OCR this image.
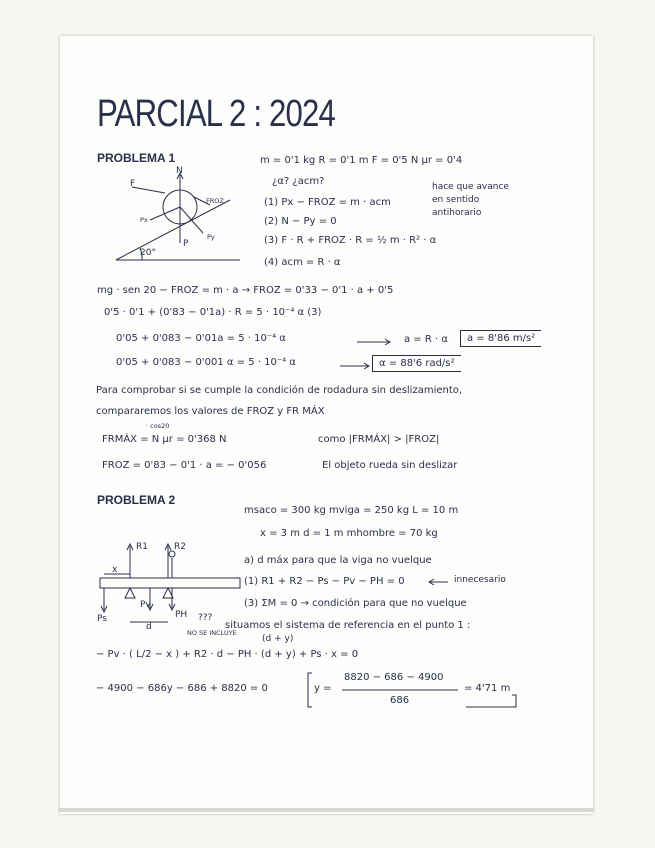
PARCIAL 2 : 2024
PROBLEMA 1	m = 0'1 kg R = 0'1 m F = 0'5 N μr = 0'4
¿α? ¿acm?	hace que avance
en sentido
antihorario
(1) Px − FROZ = m · acm
(2) N − Py = 0
(3) F · R + FROZ · R = ½ m · R² · α
(4) acm = R · α
N
F
FROZ
Px
P
Py
20°
mg · sen 20 − FROZ = m · a → FROZ = 0'33 − 0'1 · a + 0'5
0'5 · 0'1 + (0'83 − 0'1a) · R = 5 · 10⁻⁴ α (3)
0'05 + 0'083 − 0'01a = 5 · 10⁻⁴ α
0'05 + 0'083 − 0'001 α = 5 · 10⁻⁴ α
a = R · α	a = 8'86 m/s²
α = 88'6 rad/s²
Para comprobar si se cumple la condición de rodadura sin deslizamiento,
compararemos los valores de FROZ y FR MÁX
· cos20
FRMÁX = N μr = 0'368 N	como |FRMÁX| > |FROZ|
FROZ = 0'83 − 0'1 · a = − 0'056	El objeto rueda sin deslizar
PROBLEMA 2
msaco = 300 kg mviga = 250 kg L = 10 m
x = 3 m d = 1 m mhombre = 70 kg
a) d máx para que la viga no vuelque
(1) R1 + R2 − Ps − Pv − PH = 0	innecesario
(3) ΣM = 0 → condición para que no vuelque
R1	R2
x
Ps
Pv
PH
d
???
situamos el sistema de referencia en el punto 1 :
NO SE INCLUYE
(d + y)
− Pv · ( L/2 − x ) + R2 · d − PH · (d + y) + Ps · x = 0
− 4900 − 686y − 686 + 8820 = 0	y =
8820 − 686 − 4900
686
= 4'71 m
